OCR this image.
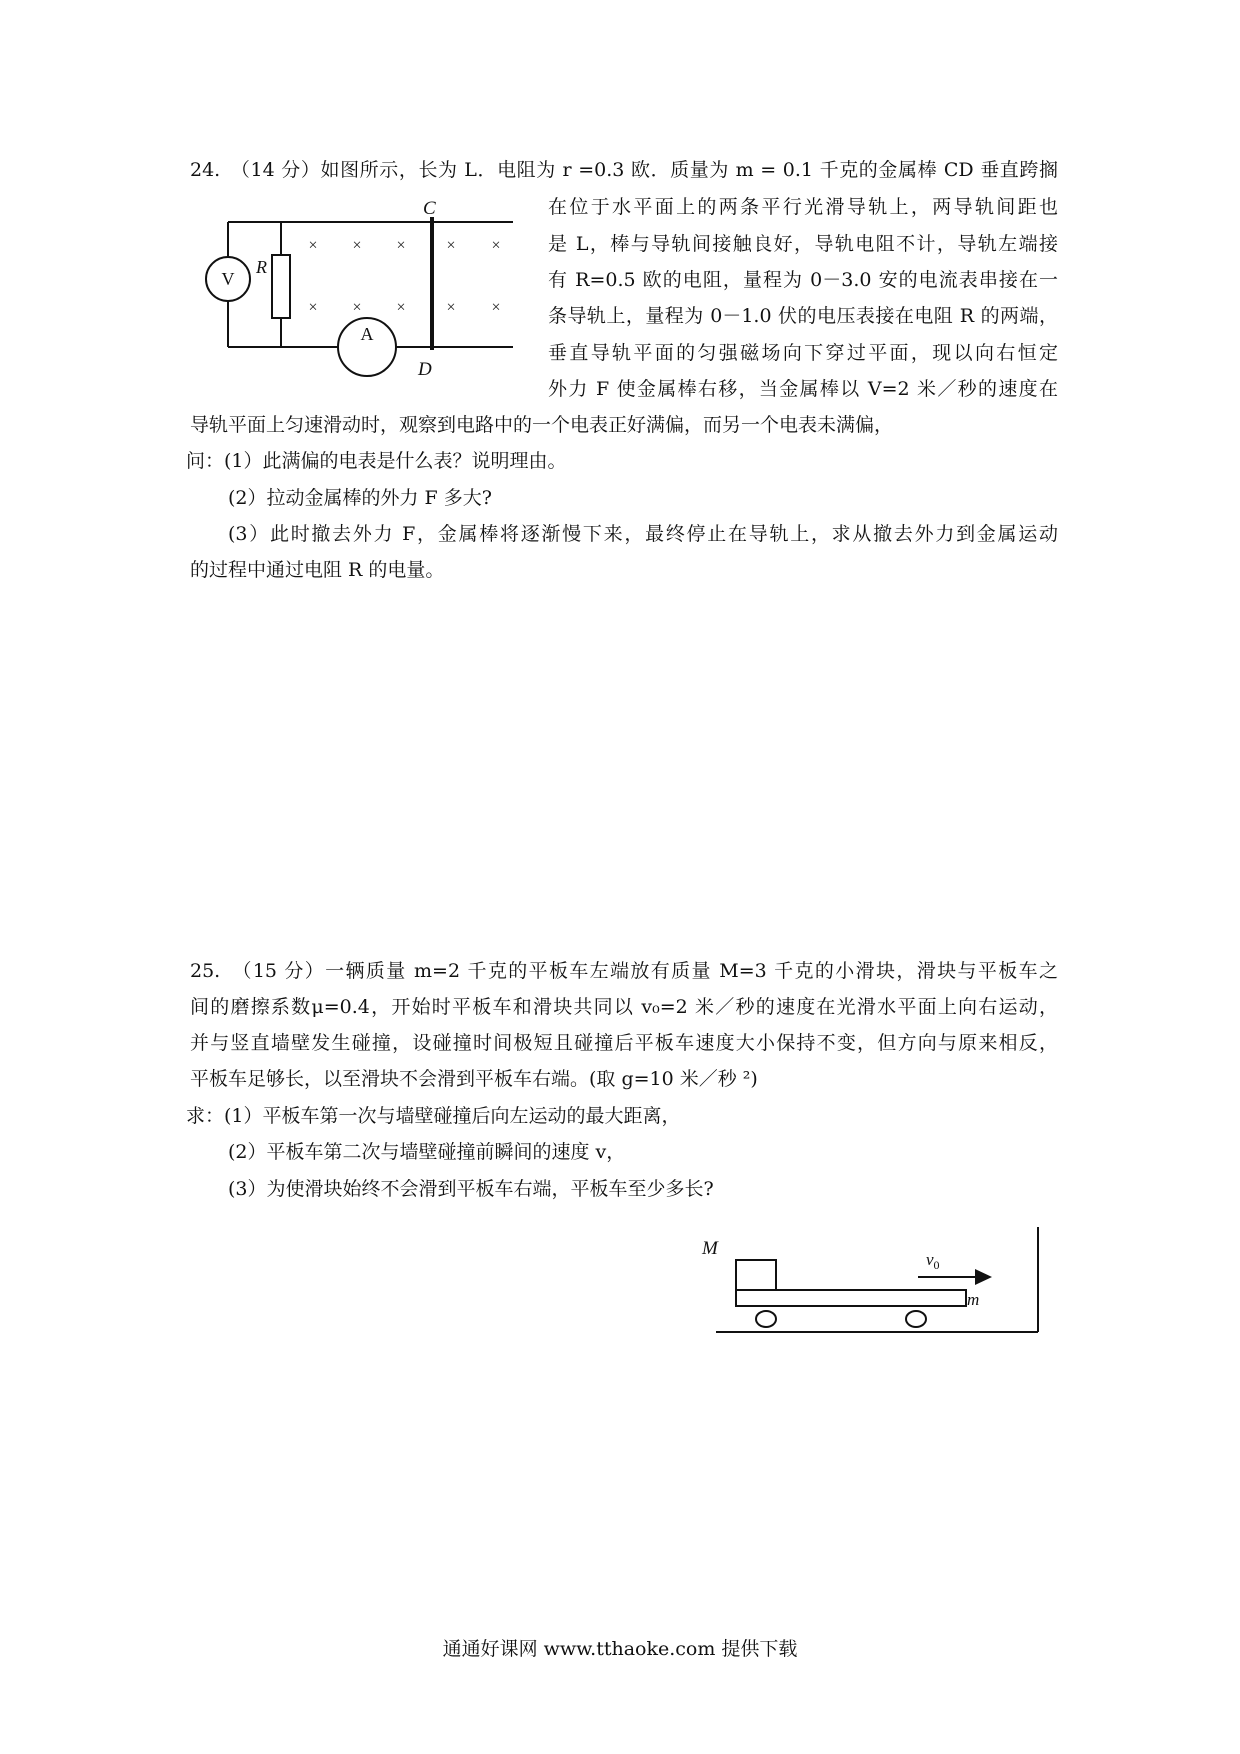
24.　（14 分）如图所示，长为 L．电阻为 r =0.3 欧．质量为 m = 0.1 千克的金属棒 CD 垂直跨搁
× × ×	× ×
× × ×	× ×
C
D
V
R
A
在位于水平面上的两条平行光滑导轨上，两导轨间距也
是 L，棒与导轨间接触良好，导轨电阻不计，导轨左端接
有 R=0.5 欧的电阻，量程为 0－3.0 安的电流表串接在一
条导轨上，量程为 0－1.0 伏的电压表接在电阻 R 的两端，
垂直导轨平面的匀强磁场向下穿过平面，现以向右恒定
外力 F 使金属棒右移，当金属棒以 V=2 米／秒的速度在
导轨平面上匀速滑动时，观察到电路中的一个电表正好满偏，而另一个电表未满偏，
问：(1）此满偏的电表是什么表？说明理由。
(2）拉动金属棒的外力 F 多大?
(3）此时撤去外力 F，金属棒将逐渐慢下来，最终停止在导轨上，求从撤去外力到金属运动
的过程中通过电阻 R 的电量。
25.　（15 分）一辆质量 m=2 千克的平板车左端放有质量 M=3 千克的小滑块，滑块与平板车之
间的磨擦系数μ=0.4，开始时平板车和滑块共同以 v₀=2 米／秒的速度在光滑水平面上向右运动，
并与竖直墙壁发生碰撞，设碰撞时间极短且碰撞后平板车速度大小保持不变，但方向与原来相反，
平板车足够长，以至滑块不会滑到平板车右端。(取 g=10 米／秒 ²)
求：(1）平板车第一次与墙壁碰撞后向左运动的最大距离，
(2）平板车第二次与墙壁碰撞前瞬间的速度 v，
(3）为使滑块始终不会滑到平板车右端，平板车至少多长?
M
m
$v_0$
通通好课网 www.tthaoke.com 提供下载
